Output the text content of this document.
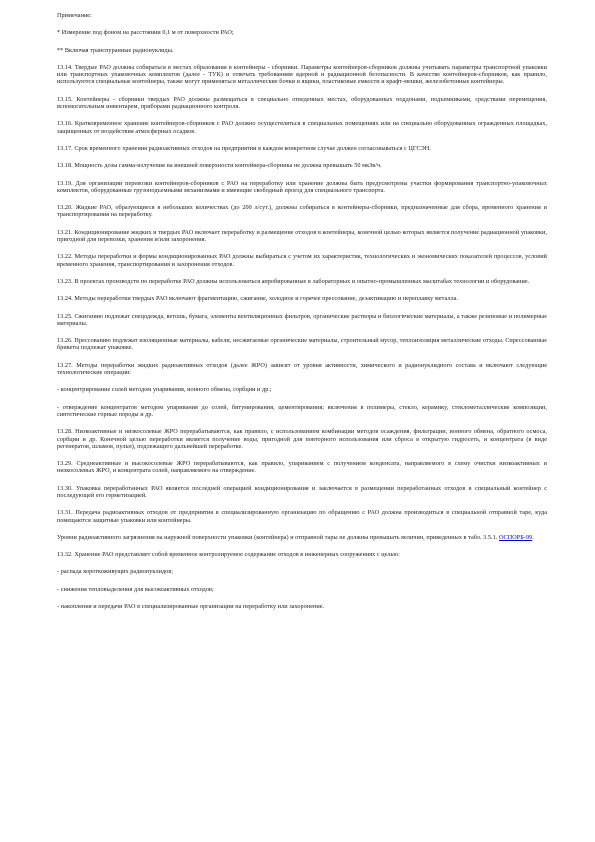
Примечание:

* Измерение под фоном на расстоянии 0,1 м от поверхности РАО;

** Включая транспуранные радионуклиды.

13.14. Твердые РАО должны собираться в местах образования в контейнеры - сборники. Параметры контейнеров-сборников должны учитывать параметры транспортной упаковки или транспортных упаковочных комплектов (далее - ТУК) и отвечать требованиям ядерной и радиационной безопасности. В качестве контейнеров-сборников, как правило, используются специальные контейнеры, также могут применяться металлические бочки и ящики, пластиковые емкости и крафт-мешки, железобетонные контейнеры.

13.15. Контейнеры - сборники твердых РАО должны размещаться в специально отведенных местах, оборудованных поддонами, подъемниками, средствами перемещения, вспомогательным инвентарем, приборами радиационного контроля.

13.16. Кратковременное хранение контейнеров-сборников с РАО должно осуществляться в специальных помещениях или на специально оборудованных огражденных площадках, защищенных от воздействия атмосферных осадков.

13.17. Срок временного хранения радиоактивных отходов на предприятии в каждом конкретном случае должен согласовываться с ЦГСЭН.

13.18. Мощность дозы гамма-излучения на внешней поверхности контейнера-сборника не должна превышать 50 мкЗв/ч.

13.19. Для организации перевозки контейнеров-сборников с РАО на переработку или хранение должны быть предусмотрены участки формирования транспортно-упаковочных комплектов, оборудованные грузоподъемными механизмами и имеющие свободный проезд для специального транспорта.

13.20. Жидкие РАО, образующиеся в небольших количествах (до 200 л/сут.), должны собираться в контейнеры-сборники, предназначенные для сбора, временного хранения и транспортирования на переработку.

13.21. Кондиционирование жидких и твердых РАО включает переработку и размещение отходов в контейнеры, конечной целью которых является получение радиационной упаковки, пригодной для перевозки, хранения и/или захоронения.

13.22. Методы переработки и формы кондиционированных РАО должны выбираться с учетом их характеристик, технологических и экономических показателей процессов, условий временного хранения, транспортирования и захоронения отходов.

13.23. В проектах производств по переработке РАО должны использоваться апробированные в лабораторных и опытно-промышленных масштабах технологии и оборудование.

13.24. Методы переработки твердых РАО включают фрагментацию, сжигание, холодное и горячее прессование, дезактивацию и переплавку металла.

13.25. Сжиганию подлежат спецодежда, ветошь, бумага, элементы вентиляционных фильтров, органические растворы и биологические материалы, а также резиновые и полимерные материалы.

13.26. Прессованию подлежат изоляционные материалы, кабели, несжигаемые органические материалы, строительный мусор, теплоизоляция металлические отходы. Спрессованные брикеты подлежат упаковке.

13.27. Методы переработки жидких радиоактивных отходов (далее ЖРО) зависят от уровня активности, химического и радионуклидного состава и включают следующие технологические операции:

- концентрирование солей методом упаривания, ионного обмена, сорбции и др.;

- отверждение концентратов методом упаривания до солей, битумирования, цементирования; включения в полимеры, стекло, керамику, стеклометаллические композиции, синтетические горные породы и др.

13.28. Низкоактивные и низкосолевые ЖРО перерабатываются, как правило, с использованием комбинации методов осаждения, фильтрации, ионного обмена, обратного осмоса, сорбции и др. Конечной целью переработки является получение воды, пригодной для повторного использования или сброса в открытую гидросеть, и концентрата (в виде регенератов, шламов, пульп), подлежащего дальнейшей переработке.

13.29. Среднеактивные и высокосолевые ЖРО перерабатываются, как правило, упариванием с получением конденсата, направляемого в схему очистки низкоактивных и низкосолевых ЖРО, и концентрата солей, направляемого на отверждение.

13.30. Упаковка переработанных РАО является последней операцией кондиционирования и заключается в размещении переработанных отходов в специальный контейнер с последующей его герметизацией.

13.31. Передача радиоактивных отходов от предприятия в специализированную организацию по обращению с РАО должна производиться в специальной отправной таре, куда помещаются защитные упаковки или контейнеры.

Уровни радиоактивного загрязнения на наружной поверхности упаковки (контейнера) и отправной тары не должны превышать величин, приведенных в табл. 3.5.1. ОСПОРБ-99.

13.32. Хранение РАО представляет собой временное контролируемое содержание отходов в инженерных сооружениях с целью:

- распада короткоживущих радионуклидов;

- снижения тепловыделения для высокоактивных отходов;

- накопления и передачи РАО в специализированные организации на переработку или захоронение.
